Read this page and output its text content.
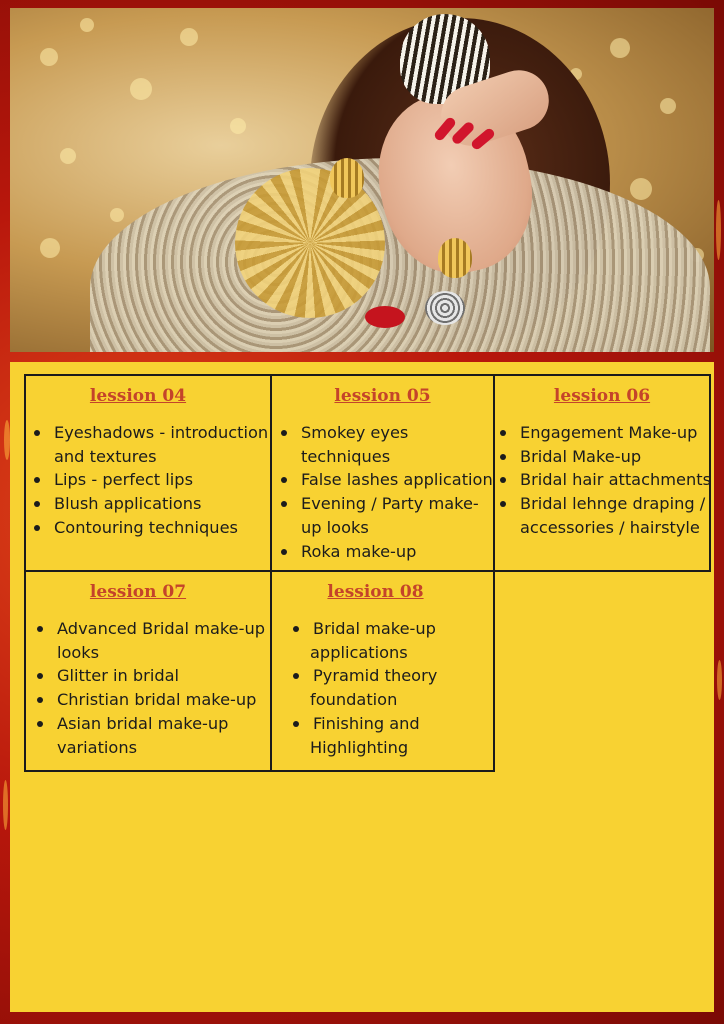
lession 04
Eyeshadows - introduction
and textures
Lips - perfect lips
Blush applications
Contouring techniques
lession 05
Smokey eyes
techniques
False lashes application
Evening / Party make-
up looks
Roka make-up
lession 06
Engagement Make-up
Bridal Make-up
Bridal hair attachments
Bridal lehnge draping /
accessories / hairstyle
lession 07
Advanced Bridal make-up
looks
Glitter in bridal
Christian bridal make-up
Asian bridal make-up
variations
lession 08
Bridal make-up
applications
Pyramid theory
foundation
Finishing and
Highlighting
